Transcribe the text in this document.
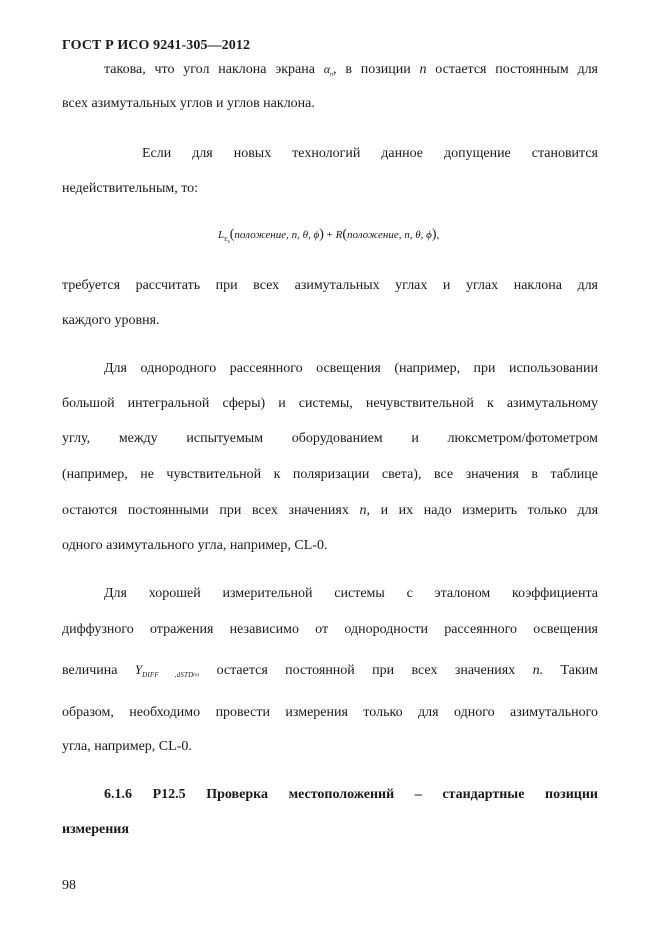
ГОСТ Р ИСО 9241-305—2012
такова, что угол наклона экрана $\alpha_n$, в позиции n остается постоянным для
всех азимутальных углов и углов наклона.
Если для новых технологий данное допущение становится
недействительным, то:
$L_{E_s}(положение$, n, θ, ϕ) + R(положение, n, θ, ϕ),
требуется рассчитать при всех азимутальных углах и углах наклона для
каждого уровня.
Для однородного рассеянного освещения (например, при использовании
большой интегральной сферы) и системы, нечувствительной к азимутальному
углу, между испытуемым оборудованием и люксметром/фотометром
(например, не чувствительной к поляризации света), все значения в таблице
остаются постоянными при всех значениях n, и их надо измерить только для
одного азимутального угла, например, CL-0.
Для хорошей измерительной системы с эталоном коэффициента
диффузного отражения независимо от однородности рассеянного освещения
величина $Y_{DIFF ,dSTD}(n)$ остается постоянной при всех значениях n. Таким
образом, необходимо провести измерения только для одного азимутального
угла, например, CL-0.
6.1.6 P12.5 Проверка местоположений – стандартные позиции
измерения
98
